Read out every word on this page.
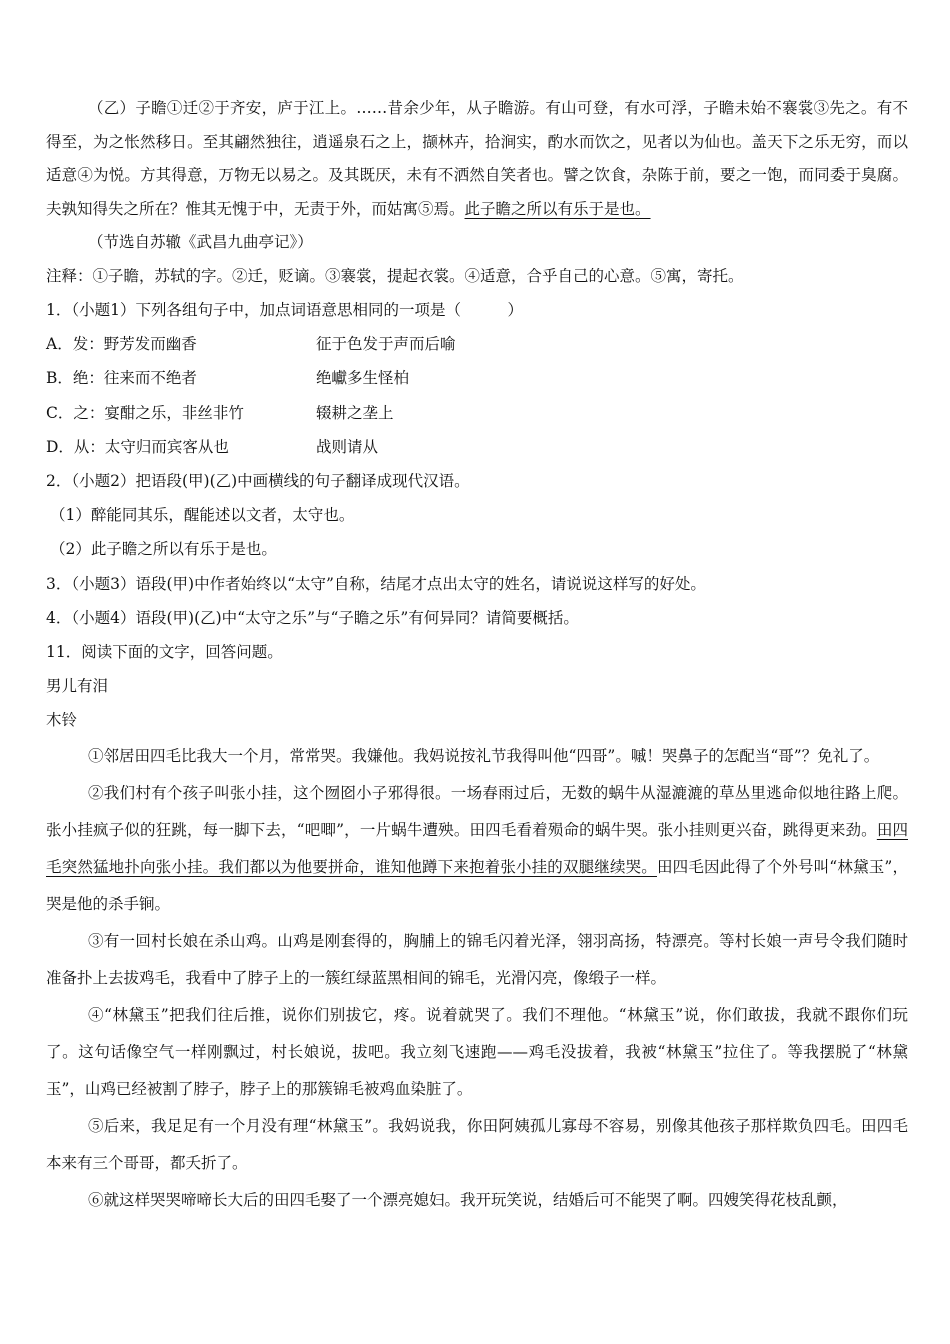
（乙）子瞻①迁②于齐安，庐于江上。……昔余少年，从子瞻游。有山可登，有水可浮，子瞻未始不褰裳③先之。有不得至，为之怅然移日。至其翩然独往，逍遥泉石之上，撷林卉，拾涧实，酌水而饮之，见者以为仙也。盖天下之乐无穷，而以适意④为悦。方其得意，万物无以易之。及其既厌，未有不洒然自笑者也。譬之饮食，杂陈于前，要之一饱，而同委于臭腐。夫孰知得失之所在？惟其无愧于中，无责于外，而姑寓⑤焉。此子瞻之所以有乐于是也。

（节选自苏辙《武昌九曲亭记》）

注释：①子瞻，苏轼的字。②迁，贬谪。③褰裳，提起衣裳。④适意，合乎自己的心意。⑤寓，寄托。

1．（小题1）下列各组句子中，加点词语意思相同的一项是（　　　）

A．发：野芳发而幽香	征于色发于声而后喻
B．绝：往来而不绝者	绝巘多生怪柏
C．之：宴酣之乐，非丝非竹	辍耕之垄上
D．从：太守归而宾客从也	战则请从

2．（小题2）把语段(甲)(乙)中画横线的句子翻译成现代汉语。

（1）醉能同其乐，醒能述以文者，太守也。

（2）此子瞻之所以有乐于是也。

3．（小题3）语段(甲)中作者始终以“太守”自称，结尾才点出太守的姓名，请说说这样写的好处。

4．（小题4）语段(甲)(乙)中“太守之乐”与“子瞻之乐”有何异同？请简要概括。

11．阅读下面的文字，回答问题。

男儿有泪

木铃

①邻居田四毛比我大一个月，常常哭。我嫌他。我妈说按礼节我得叫他“四哥”。嘁！哭鼻子的怎配当“哥”？免礼了。

②我们村有个孩子叫张小挂，这个囫囵小子邪得很。一场春雨过后，无数的蜗牛从湿漉漉的草丛里逃命似地往路上爬。张小挂疯子似的狂跳，每一脚下去，“吧唧”，一片蜗牛遭殃。田四毛看着殒命的蜗牛哭。张小挂则更兴奋，跳得更来劲。田四毛突然猛地扑向张小挂。我们都以为他要拼命，谁知他蹲下来抱着张小挂的双腿继续哭。田四毛因此得了个外号叫“林黛玉”，哭是他的杀手锏。

③有一回村长娘在杀山鸡。山鸡是刚套得的，胸脯上的锦毛闪着光泽，翎羽高扬，特漂亮。等村长娘一声号令我们随时准备扑上去拔鸡毛，我看中了脖子上的一簇红绿蓝黑相间的锦毛，光滑闪亮，像缎子一样。

④“林黛玉”把我们往后推，说你们别拔它，疼。说着就哭了。我们不理他。“林黛玉”说，你们敢拔，我就不跟你们玩了。这句话像空气一样刚飘过，村长娘说，拔吧。我立刻飞速跑——鸡毛没拔着，我被“林黛玉”拉住了。等我摆脱了“林黛玉”，山鸡已经被割了脖子，脖子上的那簇锦毛被鸡血染脏了。

⑤后来，我足足有一个月没有理“林黛玉”。我妈说我，你田阿姨孤儿寡母不容易，别像其他孩子那样欺负四毛。田四毛本来有三个哥哥，都夭折了。

⑥就这样哭哭啼啼长大后的田四毛娶了一个漂亮媳妇。我开玩笑说，结婚后可不能哭了啊。四嫂笑得花枝乱颤，
